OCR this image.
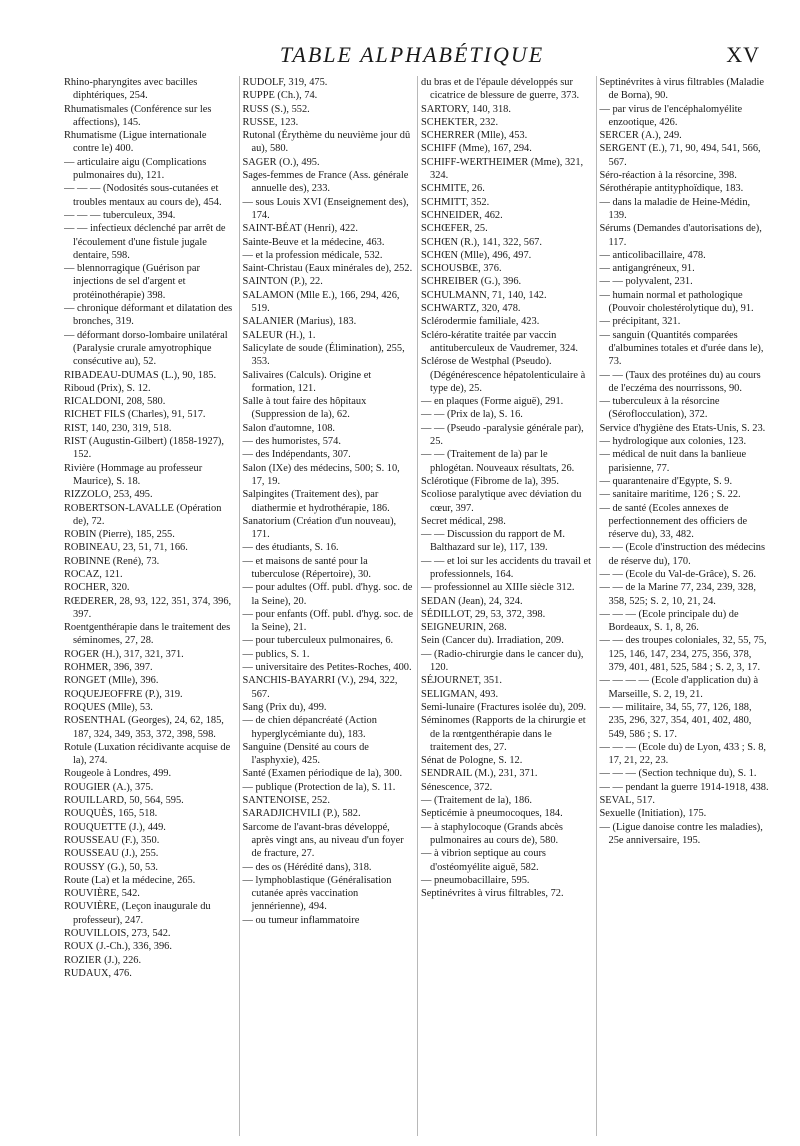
TABLE ALPHABÉTIQUE	XV

Rhino-pharyngites avec bacilles diphtériques, 254.

Rhumatismales (Conférence sur les affections), 145.

Rhumatisme (Ligue internationale contre le) 400.

— articulaire aigu (Complications pulmonaires du), 121.

— — — (Nodosités sous-cutanées et troubles mentaux au cours de), 454.

— — — tuberculeux, 394.

— — infectieux déclenché par arrêt de l'écoulement d'une fistule jugale dentaire, 598.

— blennorragique (Guérison par injections de sel d'argent et protéinothérapie) 398.

— chronique déformant et dilatation des bronches, 319.

— déformant dorso-lombaire unilatéral (Paralysie crurale amyotrophique consécutive au), 52.

RIBADEAU-DUMAS (L.), 90, 185.

Riboud (Prix), S. 12.

RICALDONI, 208, 580.

RICHET FILS (Charles), 91, 517.

RIST, 140, 230, 319, 518.

RIST (Augustin-Gilbert) (1858-1927), 152.

Rivière (Hommage au professeur Maurice), S. 18.

RIZZOLO, 253, 495.

ROBERTSON-LAVALLE (Opération de), 72.

ROBIN (Pierre), 185, 255.

ROBINEAU, 23, 51, 71, 166.

ROBINNE (René), 73.

ROCAZ, 121.

ROCHER, 320.

RŒDERER, 28, 93, 122, 351, 374, 396, 397.

Roentgenthérapie dans le traitement des séminomes, 27, 28.

ROGER (H.), 317, 321, 371.

ROHMER, 396, 397.

RONGET (Mlle), 396.

ROQUEJEOFFRE (P.), 319.

ROQUES (Mlle), 53.

ROSENTHAL (Georges), 24, 62, 185, 187, 324, 349, 353, 372, 398, 598.

Rotule (Luxation récidivante acquise de la), 274.

Rougeole à Londres, 499.

ROUGIER (A.), 375.

ROUILLARD, 50, 564, 595.

ROUQUÈS, 165, 518.

ROUQUETTE (J.), 449.

ROUSSEAU (F.), 350.

ROUSSEAU (J.), 255.

ROUSSY (G.), 50, 53.

Route (La) et la médecine, 265.

ROUVIÈRE, 542.

ROUVIÈRE, (Leçon inaugurale du professeur), 247.

ROUVILLOIS, 273, 542.

ROUX (J.-Ch.), 336, 396.

ROZIER (J.), 226.

RUDAUX, 476.

RUDOLF, 319, 475.

RUPPE (Ch.), 74.

RUSS (S.), 552.

RUSSE, 123.

Rutonal (Érythème du neuvième jour dû au), 580.

SAGER (O.), 495.

Sages-femmes de France (Ass. générale annuelle des), 233.

— sous Louis XVI (Enseignement des), 174.

SAINT-BÉAT (Henri), 422.

Sainte-Beuve et la médecine, 463.

— et la profession médicale, 532.

Saint-Christau (Eaux minérales de), 252.

SAINTON (P.), 22.

SALAMON (Mlle E.), 166, 294, 426, 519.

SALANIER (Marius), 183.

SALEUR (H.), 1.

Salicylate de soude (Élimination), 255, 353.

Salivaires (Calculs). Origine et formation, 121.

Salle à tout faire des hôpitaux (Suppression de la), 62.

Salon d'automne, 108.

— des humoristes, 574.

— des Indépendants, 307.

Salon (IXe) des médecins, 500; S. 10, 17, 19.

Salpingites (Traitement des), par diathermie et hydrothérapie, 186.

Sanatorium (Création d'un nouveau), 171.

— des étudiants, S. 16.

— et maisons de santé pour la tuberculose (Répertoire), 30.

— pour adultes (Off. publ. d'hyg. soc. de la Seine), 20.

— pour enfants (Off. publ. d'hyg. soc. de la Seine), 21.

— pour tuberculeux pulmonaires, 6.

— publics, S. 1.

— universitaire des Petites-Roches, 400.

SANCHIS-BAYARRI (V.), 294, 322, 567.

Sang (Prix du), 499.

— de chien dépancréaté (Action hyperglycémiante du), 183.

Sanguine (Densité au cours de l'asphyxie), 425.

Santé (Examen périodique de la), 300.

— publique (Protection de la), S. 11.

SANTENOISE, 252.

SARADJICHVILI (P.), 582.

Sarcome de l'avant-bras développé, après vingt ans, au niveau d'un foyer de fracture, 27.

— des os (Hérédité dans), 318.

— lymphoblastique (Généralisation cutanée après vaccination jennérienne), 494.

— ou tumeur inflammatoire

du bras et de l'épaule développés sur cicatrice de blessure de guerre, 373.

SARTORY, 140, 318.

SCHEKTER, 232.

SCHERRER (Mlle), 453.

SCHIFF (Mme), 167, 294.

SCHIFF-WERTHEIMER (Mme), 321, 324.

SCHMITE, 26.

SCHMITT, 352.

SCHNEIDER, 462.

SCHŒFER, 25.

SCHŒN (R.), 141, 322, 567.

SCHŒN (Mlle), 496, 497.

SCHOUSBŒ, 376.

SCHREIBER (G.), 396.

SCHULMANN, 71, 140, 142.

SCHWARTZ, 320, 478.

Sclérodermie familiale, 423.

Scléro-kératite traitée par vaccin antituberculeux de Vaudremer, 324.

Sclérose de Westphal (Pseudo). (Dégénérescence hépatolenticulaire à type de), 25.

— en plaques (Forme aiguë), 291.

— — (Prix de la), S. 16.

— — (Pseudo -paralysie générale par), 25.

— — (Traitement de la) par le phlogétan. Nouveaux résultats, 26.

Sclérotique (Fibrome de la), 395.

Scoliose paralytique avec déviation du cœur, 397.

Secret médical, 298.

— — Discussion du rapport de M. Balthazard sur le), 117, 139.

— — et loi sur les accidents du travail et professionnels, 164.

— professionnel au XIIIe siècle 312.

SEDAN (Jean), 24, 324.

SÉDILLOT, 29, 53, 372, 398.

SEIGNEURIN, 268.

Sein (Cancer du). Irradiation, 209.

— (Radio-chirurgie dans le cancer du), 120.

SÉJOURNET, 351.

SELIGMAN, 493.

Semi-lunaire (Fractures isolée du), 209.

Séminomes (Rapports de la chirurgie et de la rœntgenthérapie dans le traitement des, 27.

Sénat de Pologne, S. 12.

SENDRAIL (M.), 231, 371.

Sénescence, 372.

— (Traitement de la), 186.

Septicémie à pneumocoques, 184.

— à staphylocoque (Grands abcès pulmonaires au cours de), 580.

— à vibrion septique au cours d'ostéomyélite aiguë, 582.

— pneumobacillaire, 595.

Septinévrites à virus filtrables, 72.

Septinévrites à virus filtrables (Maladie de Borna), 90.

— par virus de l'encéphalomyélite enzootique, 426.

SERCER (A.), 249.

SERGENT (E.), 71, 90, 494, 541, 566, 567.

Séro-réaction à la résorcine, 398.

Sérothérapie antityphoïdique, 183.

— dans la maladie de Heine-Médin, 139.

Sérums (Demandes d'autorisations de), 117.

— anticolibacillaire, 478.

— antigangréneux, 91.

— — polyvalent, 231.

— humain normal et pathologique (Pouvoir cholestérolytique du), 91.

— précipitant, 321.

— sanguin (Quantités comparées d'albumines totales et d'urée dans le), 73.

— — (Taux des protéines du) au cours de l'eczéma des nourrissons, 90.

— tuberculeux à la résorcine (Séroflocculation), 372.

Service d'hygiène des Etats-Unis, S. 23.

— hydrologique aux colonies, 123.

— médical de nuit dans la banlieue parisienne, 77.

— quarantenaire d'Egypte, S. 9.

— sanitaire maritime, 126 ; S. 22.

— de santé (Ecoles annexes de perfectionnement des officiers de réserve du), 33, 482.

— — (Ecole d'instruction des médecins de réserve du), 170.

— — (Ecole du Val-de-Grâce), S. 26.

— — de la Marine 77, 234, 239, 328, 358, 525; S. 2, 10, 21, 24.

— — — (Ecole principale du) de Bordeaux, S. 1, 8, 26.

— — des troupes coloniales, 32, 55, 75, 125, 146, 147, 234, 275, 356, 378, 379, 401, 481, 525, 584 ; S. 2, 3, 17.

— — — — (Ecole d'application du) à Marseille, S. 2, 19, 21.

— — militaire, 34, 55, 77, 126, 188, 235, 296, 327, 354, 401, 402, 480, 549, 586 ; S. 17.

— — — (Ecole du) de Lyon, 433 ; S. 8, 17, 21, 22, 23.

— — — (Section technique du), S. 1.

— — pendant la guerre 1914-1918, 438.

SEVAL, 517.

Sexuelle (Initiation), 175.

— (Ligue danoise contre les maladies), 25e anniversaire, 195.
